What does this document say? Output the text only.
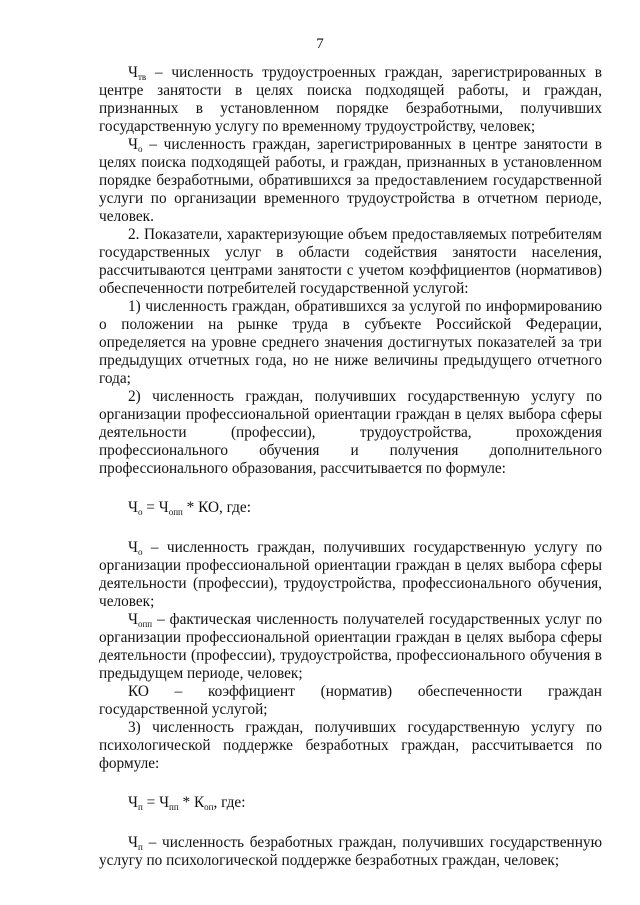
7

$Ч_{тв}$ – численность трудоустроенных граждан, зарегистрированных в центре занятости в целях поиска подходящей работы, и граждан, признанных в установленном порядке безработными, получивших государственную услугу по временному трудоустройству, человек;

$Ч_о$ – численность граждан, зарегистрированных в центре занятости в целях поиска подходящей работы, и граждан, признанных в установленном порядке безработными, обратившихся за предоставлением государственной услуги по организации временного трудоустройства в отчетном периоде, человек.

2. Показатели, характеризующие объем предоставляемых потребителям государственных услуг в области содействия занятости населения, рассчитываются центрами занятости с учетом коэффициентов (нормативов) обеспеченности потребителей государственной услугой:

1) численность граждан, обратившихся за услугой по информированию о положении на рынке труда в субъекте Российской Федерации, определяется на уровне среднего значения достигнутых показателей за три предыдущих отчетных года, но не ниже величины предыдущего отчетного года;

2) численность граждан, получивших государственную услугу по организации профессиональной ориентации граждан в целях выбора сферы деятельности (профессии), трудоустройства, прохождения профессионального обучения и получения дополнительного профессионального образования, рассчитывается по формуле:

$Ч_о = Ч_{опп}$ * КО, где:

$Ч_о$ – численность граждан, получивших государственную услугу по организации профессиональной ориентации граждан в целях выбора сферы деятельности (профессии), трудоустройства, профессионального обучения, человек;

$Ч_{опп}$ – фактическая численность получателей государственных услуг по организации профессиональной ориентации граждан в целях выбора сферы деятельности (профессии), трудоустройства, профессионального обучения в предыдущем периоде, человек;

КО – коэффициент (норматив) обеспеченности граждан государственной услугой;

3) численность граждан, получивших государственную услугу по психологической поддержке безработных граждан, рассчитывается по формуле:

$Ч_п = Ч_{пп} * К_{оп}$, где:

$Ч_п$ – численность безработных граждан, получивших государственную услугу по психологической поддержке безработных граждан, человек;
